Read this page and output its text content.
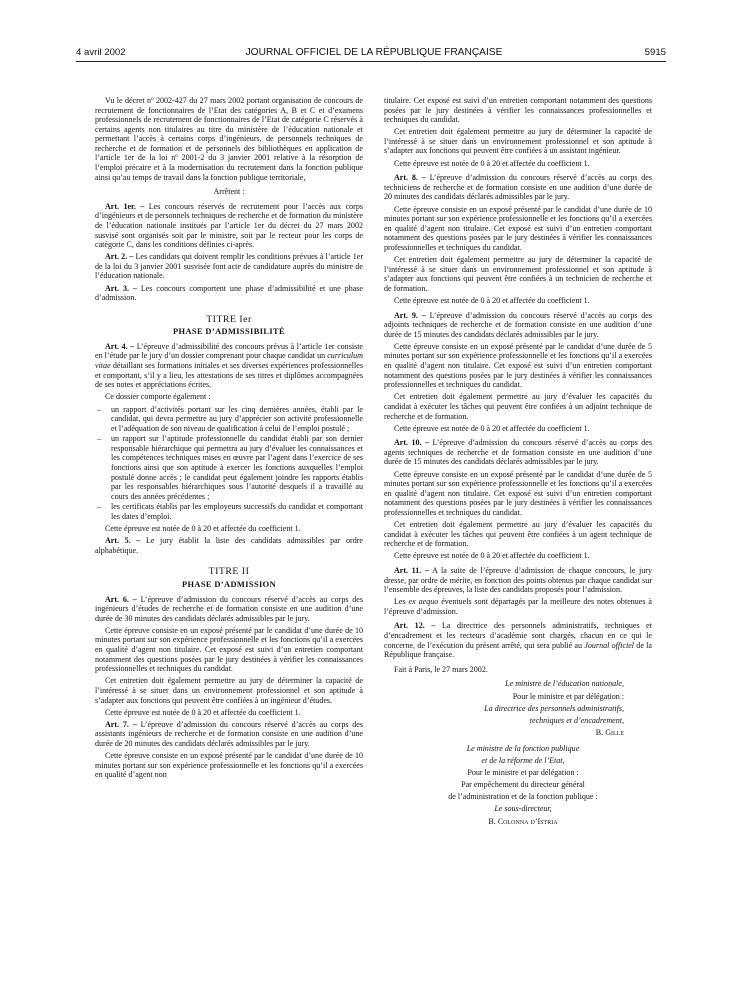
4 avril 2002	JOURNAL OFFICIEL DE LA RÉPUBLIQUE FRANÇAISE	5915

Vu le décret nº 2002-427 du 27 mars 2002 portant organisation de concours de recrutement de fonctionnaires de l’Etat des catégories A, B et C et d’examens professionnels de recrutement de fonctionnaires de l’Etat de catégorie C réservés à certains agents non titulaires au titre du ministère de l’éducation nationale et permettant l’accès à certains corps d’ingénieurs, de personnels techniques de recherche et de formation et de personnels des bibliothèques en application de l’article 1er de la loi nº 2001-2 du 3 janvier 2001 relative à la résorption de l’emploi précaire et à la modernisation du recrutement dans la fonction publique ainsi qu’au temps de travail dans la fonction publique territoriale,

Arrêtent :

Art. 1er. – Les concours réservés de recrutement pour l’accès aux corps d’ingénieurs et de personnels techniques de recherche et de formation du ministère de l’éducation nationale institués par l’article 1er du décret du 27 mars 2002 susvisé sont organisés soit par le ministre, soit par le recteur pour les corps de catégorie C, dans les conditions définies ci-après.

Art. 2. – Les candidats qui doivent remplir les conditions prévues à l’article 1er de la loi du 3 janvier 2001 susvisée font acte de candidature auprès du ministre de l’éducation nationale.

Art. 3. – Les concours comportent une phase d’admissibilité et une phase d’admission.

TITRE Ier
PHASE D’ADMISSIBILITÉ

Art. 4. – L’épreuve d’admissibilité des concours prévus à l’article 1er consiste en l’étude par le jury d’un dossier comprenant pour chaque candidat un curriculum vitae détaillant ses formations initiales et ses diverses expériences professionnelles et comportant, s’il y a lieu, les attestations de ses titres et diplômes accompagnées de ses notes et appréciations écrites.

Ce dossier comporte également :

– un rapport d’activités portant sur les cinq dernières années, établi par le candidat, qui devra permettre au jury d’apprécier son activité professionnelle et l’adéquation de son niveau de qualification à celui de l’emploi postulé ;
– un rapport sur l’aptitude professionnelle du candidat établi par son dernier responsable hiérarchique qui permettra au jury d’évaluer les connaissances et les compétences techniques mises en œuvre par l’agent dans l’exercice de ses fonctions ainsi que son aptitude à exercer les fonctions auxquelles l’emploi postulé donne accès ; le candidat peut également joindre les rapports établis par les responsables hiérarchiques sous l’autorité desquels il a travaillé au cours des années précédentes ;
– les certificats établis par les employeurs successifs du candidat et comportant les dates d’emploi.

Cette épreuve est notée de 0 à 20 et affectée du coefficient 1.

Art. 5. – Le jury établit la liste des candidats admissibles par ordre alphabétique.

TITRE II
PHASE D’ADMISSION

Art. 6. – L’épreuve d’admission du concours réservé d’accès au corps des ingénieurs d’études de recherche et de formation consiste en une audition d’une durée de 30 minutes des candidats déclarés admissibles par le jury.

Cette épreuve consiste en un exposé présenté par le candidat d’une durée de 10 minutes portant sur son expérience professionnelle et les fonctions qu’il a exercées en qualité d’agent non titulaire. Cet exposé est suivi d’un entretien comportant notamment des questions posées par le jury destinées à vérifier les connaissances professionnelles et techniques du candidat.

Cet entretien doit également permettre au jury de déterminer la capacité de l’intéressé à se situer dans un environnement professionnel et son aptitude à s’adapter aux fonctions qui peuvent être confiées à un ingénieur d’études.

Cette épreuve est notée de 0 à 20 et affectée du coefficient 1.

Art. 7. – L’épreuve d’admission du concours réservé d’accès au corps des assistants ingénieurs de recherche et de formation consiste en une audition d’une durée de 20 minutes des candidats déclarés admissibles par le jury.

Cette épreuve consiste en un exposé présenté par le candidat d’une durée de 10 minutes portant sur son expérience professionnelle et les fonctions qu’il a exercées en qualité d’agent non

titulaire. Cet exposé est suivi d’un entretien comportant notamment des questions posées par le jury destinées à vérifier les connaissances professionnelles et techniques du candidat.

Cet entretien doit également permettre au jury de déterminer la capacité de l’intéressé à se situer dans un environnement professionnel et son aptitude à s’adapter aux fonctions qui peuvent être confiées à un assistant ingénieur.

Cette épreuve est notée de 0 à 20 et affectée du coefficient 1.

Art. 8. – L’épreuve d’admission du concours réservé d’accès au corps des techniciens de recherche et de formation consiste en une audition d’une durée de 20 minutes des candidats déclarés admissibles par le jury.

Cette épreuve consiste en un exposé présenté par le candidat d’une durée de 10 minutes portant sur son expérience professionnelle et les fonctions qu’il a exercées en qualité d’agent non titulaire. Cet exposé est suivi d’un entretien comportant notamment des questions posées par le jury destinées à vérifier les connaissances professionnelles et techniques du candidat.

Cet entretien doit également permettre au jury de déterminer la capacité de l’intéressé à se situer dans un environnement professionnel et son aptitude à s’adapter aux fonctions qui peuvent être confiées à un technicien de recherche et de formation.

Cette épreuve est notée de 0 à 20 et affectée du coefficient 1.

Art. 9. – L’épreuve d’admission du concours réservé d’accès au corps des adjoints techniques de recherche et de formation consiste en une audition d’une durée de 15 minutes des candidats déclarés admissibles par le jury.

Cette épreuve consiste en un exposé présenté par le candidat d’une durée de 5 minutes portant sur son expérience professionnelle et les fonctions qu’il a exercées en qualité d’agent non titulaire. Cet exposé est suivi d’un entretien comportant notamment des questions posées par le jury destinées à vérifier les connaissances professionnelles et techniques du candidat.

Cet entretien doit également permettre au jury d’évaluer les capacités du candidat à exécuter les tâches qui peuvent être confiées à un adjoint technique de recherche et de formation.

Cette épreuve est notée de 0 à 20 et affectée du coefficient 1.

Art. 10. – L’épreuve d’admission du concours réservé d’accès au corps des agents techniques de recherche et de formation consiste en une audition d’une durée de 15 minutes des candidats déclarés admissibles par le jury.

Cette épreuve consiste en un exposé présenté par le candidat d’une durée de 5 minutes portant sur son expérience professionnelle et les fonctions qu’il a exercées en qualité d’agent non titulaire. Cet exposé est suivi d’un entretien comportant notamment des questions posées par le jury destinées à vérifier les connaissances professionnelles et techniques du candidat.

Cet entretien doit également permettre au jury d’évaluer les capacités du candidat à exécuter les tâches qui peuvent être confiées à un agent technique de recherche et de formation.

Cette épreuve est notée de 0 à 20 et affectée du coefficient 1.

Art. 11. – A la suite de l’épreuve d’admission de chaque concours, le jury dresse, par ordre de mérite, en fonction des points obtenus par chaque candidat sur l’ensemble des épreuves, la liste des candidats proposés pour l’admission.

Les ex aequo éventuels sont départagés par la meilleure des notes obtenues à l’épreuve d’admission.

Art. 12. – La directrice des personnels administratifs, techniques et d’encadrement et les recteurs d’académie sont chargés, chacun en ce qui le concerne, de l’exécution du présent arrêté, qui sera publié au Journal officiel de la République française.

Fait à Paris, le 27 mars 2002.

Le ministre de l’éducation nationale,

Pour le ministre et par délégation :

La directrice des personnels administratifs,

techniques et d’encadrement,

B. Gille

Le ministre de la fonction publique

et de la réforme de l’Etat,

Pour le ministre et par délégation :

Par empêchement du directeur général

de l’administration et de la fonction publique :

Le sous-directeur,

B. Colonna d’Istria
